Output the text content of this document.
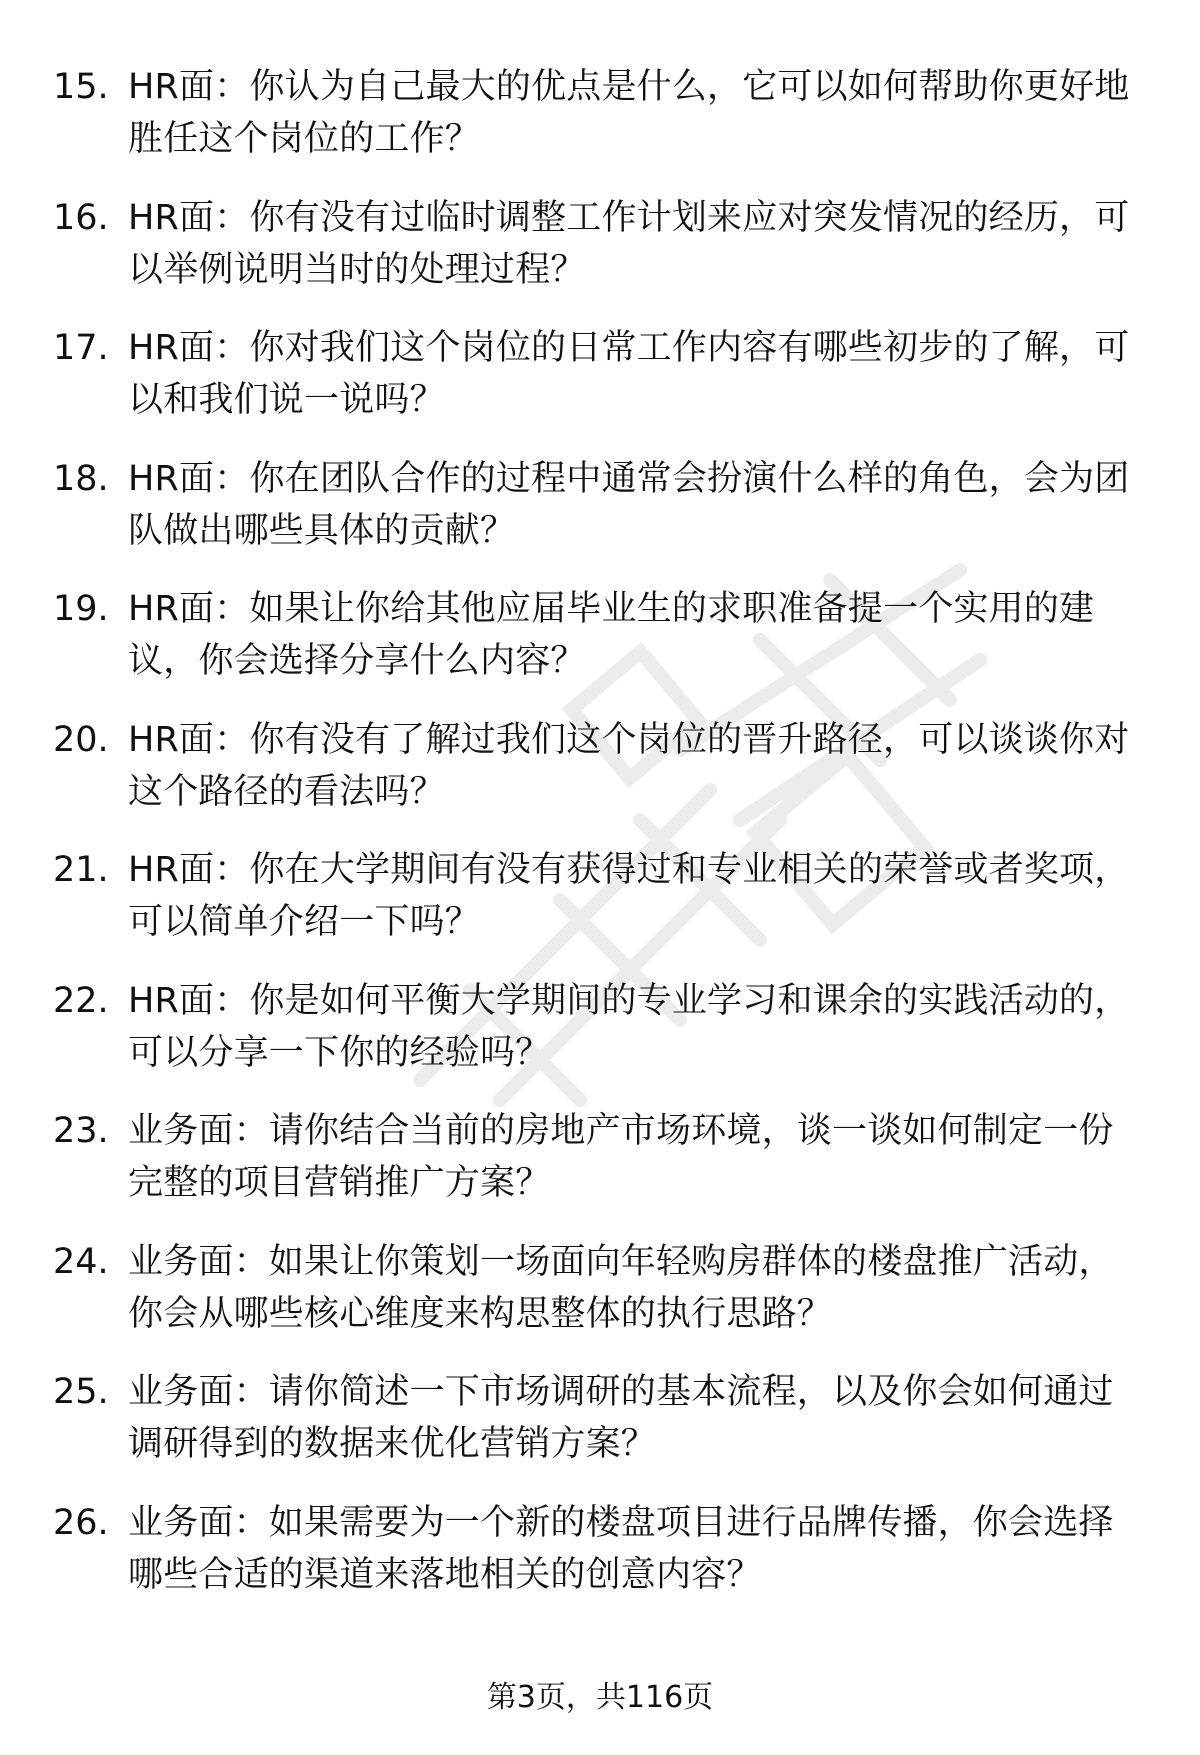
15. HR面：你认为自己最大的优点是什么，它可以如何帮助你更好地
胜任这个岗位的工作？
16. HR面：你有没有过临时调整工作计划来应对突发情况的经历，可
以举例说明当时的处理过程？
17. HR面：你对我们这个岗位的日常工作内容有哪些初步的了解，可
以和我们说一说吗？
18. HR面：你在团队合作的过程中通常会扮演什么样的角色，会为团
队做出哪些具体的贡献？
19. HR面：如果让你给其他应届毕业生的求职准备提一个实用的建
议，你会选择分享什么内容？
20. HR面：你有没有了解过我们这个岗位的晋升路径，可以谈谈你对
这个路径的看法吗？
21. HR面：你在大学期间有没有获得过和专业相关的荣誉或者奖项，
可以简单介绍一下吗？
22. HR面：你是如何平衡大学期间的专业学习和课余的实践活动的，
可以分享一下你的经验吗？
23. 业务面：请你结合当前的房地产市场环境，谈一谈如何制定一份
完整的项目营销推广方案？
24. 业务面：如果让你策划一场面向年轻购房群体的楼盘推广活动，
你会从哪些核心维度来构思整体的执行思路？
25. 业务面：请你简述一下市场调研的基本流程，以及你会如何通过
调研得到的数据来优化营销方案？
26. 业务面：如果需要为一个新的楼盘项目进行品牌传播，你会选择
哪些合适的渠道来落地相关的创意内容？
第3页，共116页
